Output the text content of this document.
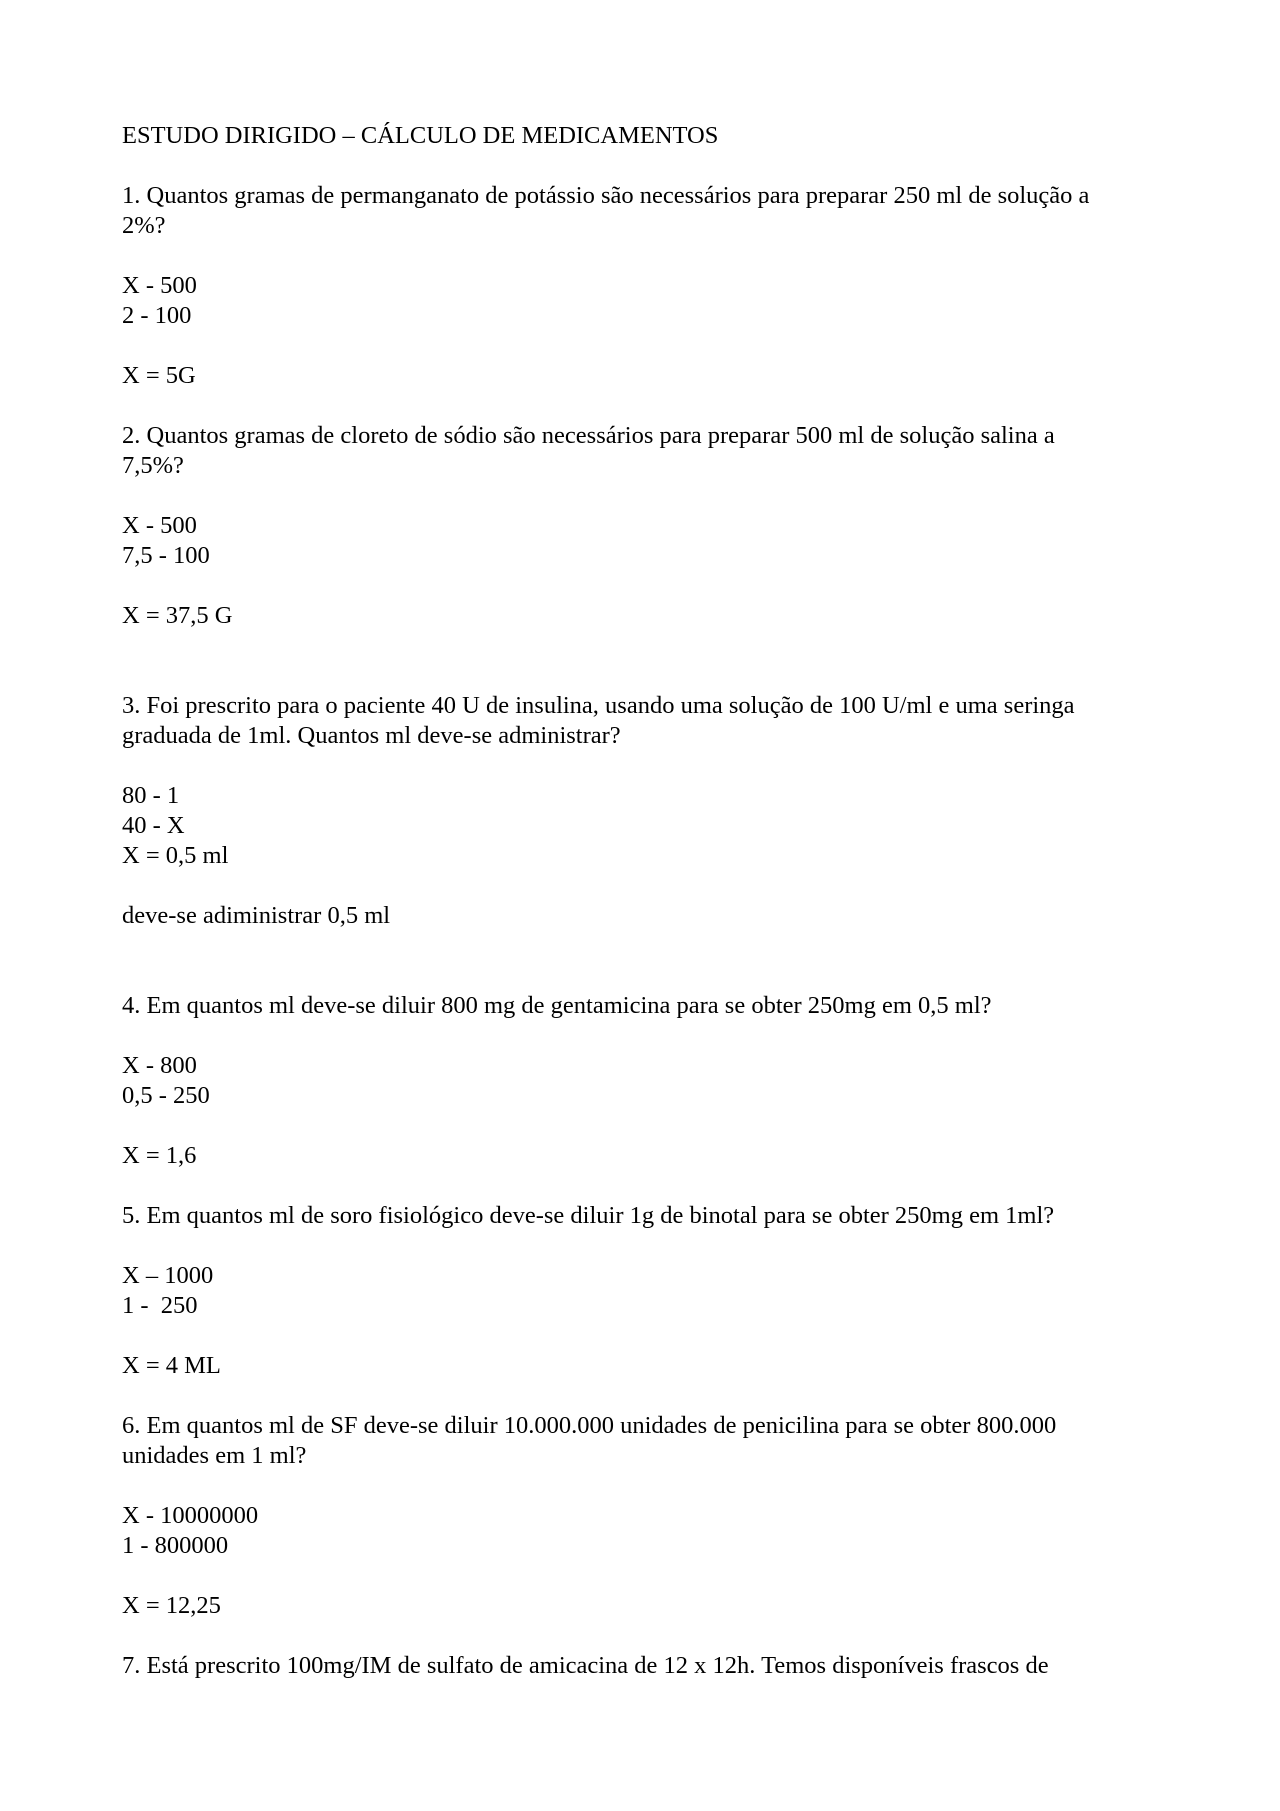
ESTUDO DIRIGIDO – CÁLCULO DE MEDICAMENTOS
1. Quantos gramas de permanganato de potássio são necessários para preparar 250 ml de solução a
2%?
X - 500
2 - 100
X = 5G
2. Quantos gramas de cloreto de sódio são necessários para preparar 500 ml de solução salina a
7,5%?
X - 500
7,5 - 100
X = 37,5 G
3. Foi prescrito para o paciente 40 U de insulina, usando uma solução de 100 U/ml e uma seringa
graduada de 1ml. Quantos ml deve-se administrar?
80 - 1
40 - X
X = 0,5 ml
deve-se adiministrar 0,5 ml
4. Em quantos ml deve-se diluir 800 mg de gentamicina para se obter 250mg em 0,5 ml?
X - 800
0,5 - 250
X = 1,6
5. Em quantos ml de soro fisiológico deve-se diluir 1g de binotal para se obter 250mg em 1ml?
X – 1000
1 -  250
X = 4 ML
6. Em quantos ml de SF deve-se diluir 10.000.000 unidades de penicilina para se obter 800.000
unidades em 1 ml?
X - 10000000
1 - 800000
X = 12,25
7. Está prescrito 100mg/IM de sulfato de amicacina de 12 x 12h. Temos disponíveis frascos de
